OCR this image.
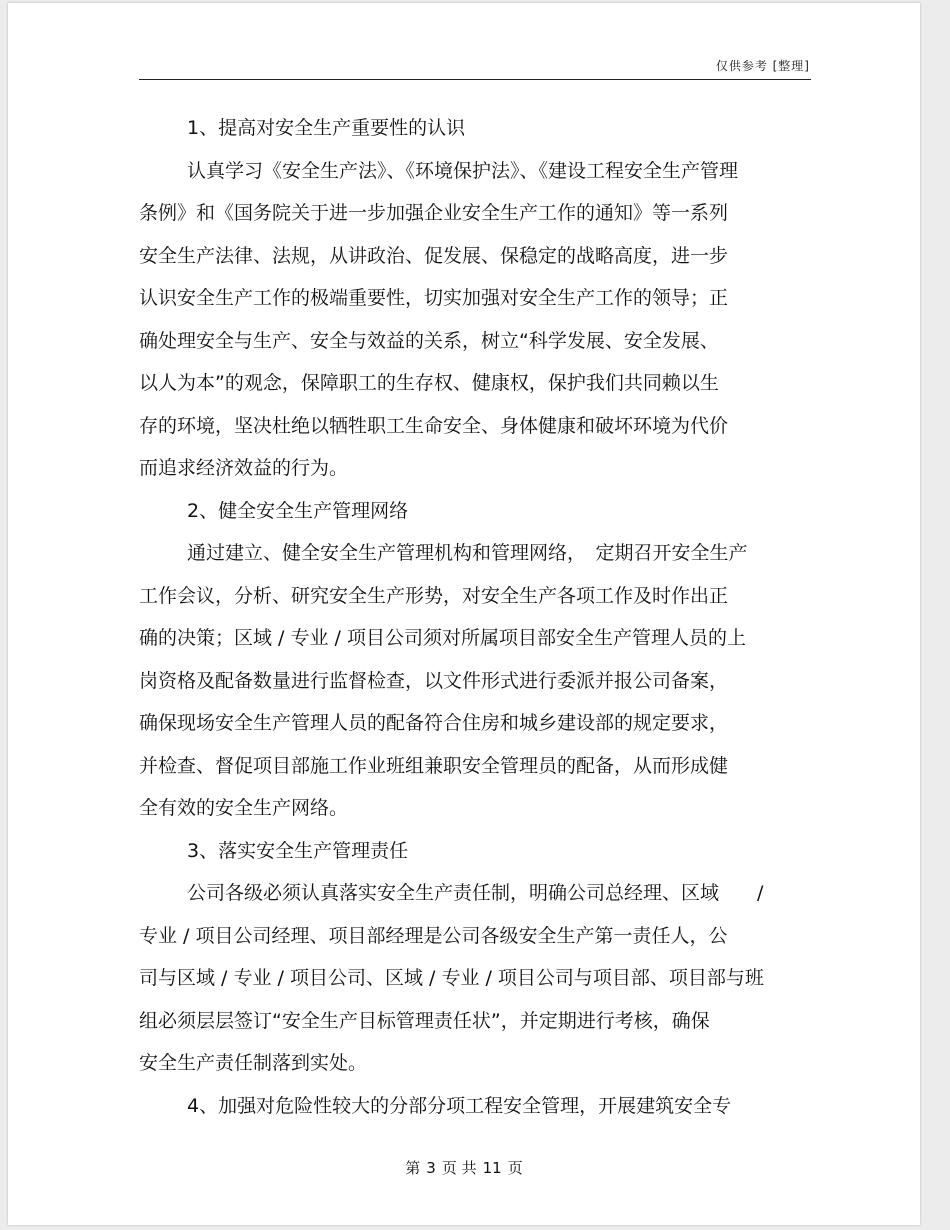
仅供参考 [整理]
1、提高对安全生产重要性的认识
认真学习《安全生产法》、《环境保护法》、《建设工程安全生产管理
条例》和《国务院关于进一步加强企业安全生产工作的通知》等一系列
安全生产法律、法规，从讲政治、促发展、保稳定的战略高度，进一步
认识安全生产工作的极端重要性，切实加强对安全生产工作的领导；正
确处理安全与生产、安全与效益的关系，树立“科学发展、安全发展、
以人为本”的观念，保障职工的生存权、健康权，保护我们共同赖以生
存的环境，坚决杜绝以牺牲职工生命安全、身体健康和破坏环境为代价
而追求经济效益的行为。
2、健全安全生产管理网络
通过建立、健全安全生产管理机构和管理网络，　定期召开安全生产
工作会议，分析、研究安全生产形势，对安全生产各项工作及时作出正
确的决策；区域 / 专业 / 项目公司须对所属项目部安全生产管理人员的上
岗资格及配备数量进行监督检查，以文件形式进行委派并报公司备案，
确保现场安全生产管理人员的配备符合住房和城乡建设部的规定要求，
并检查、督促项目部施工作业班组兼职安全管理员的配备，从而形成健
全有效的安全生产网络。
3、落实安全生产管理责任
公司各级必须认真落实安全生产责任制，明确公司总经理、区域　　/
专业 / 项目公司经理、项目部经理是公司各级安全生产第一责任人，公
司与区域 / 专业 / 项目公司、区域 / 专业 / 项目公司与项目部、项目部与班
组必须层层签订“安全生产目标管理责任状”，并定期进行考核，确保
安全生产责任制落到实处。
4、加强对危险性较大的分部分项工程安全管理，开展建筑安全专
第 3 页 共 11 页
